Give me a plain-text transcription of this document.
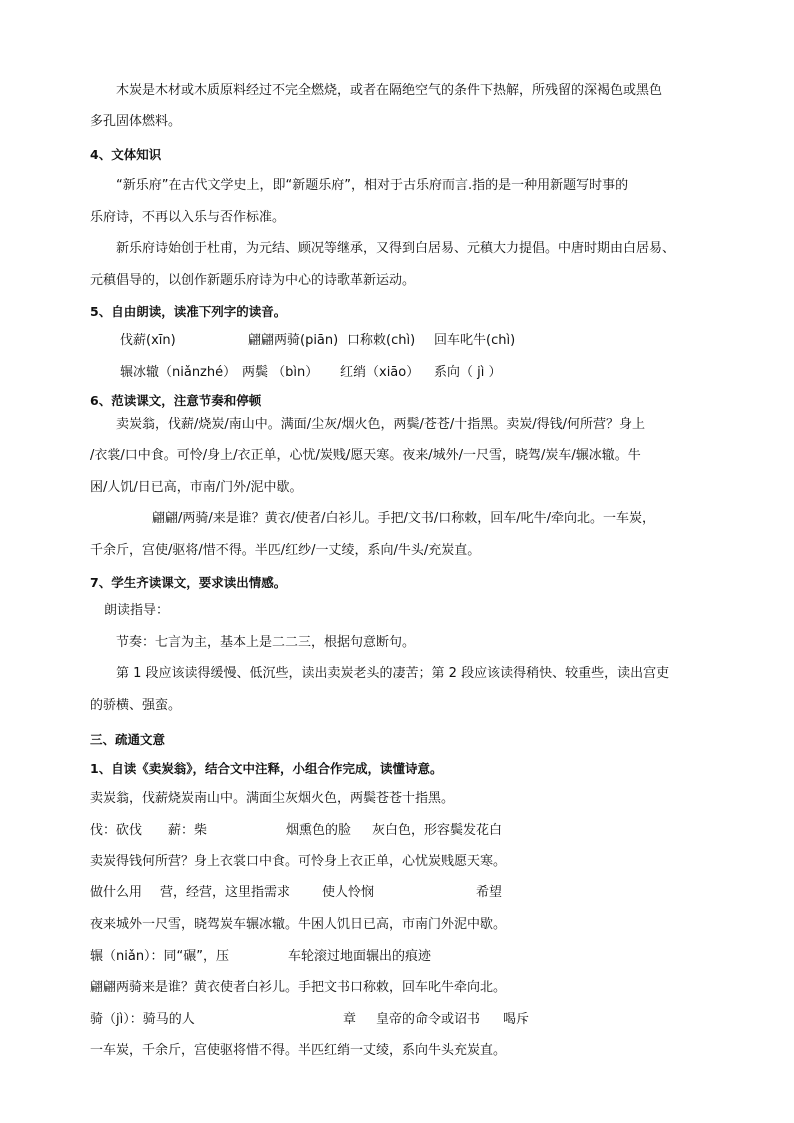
木炭是木材或木质原料经过不完全燃烧，或者在隔绝空气的条件下热解，所残留的深褐色或黑色

多孔固体燃料。

4、文体知识

“新乐府”在古代文学史上，即“新题乐府”，相对于古乐府而言.指的是一种用新题写时事的

乐府诗，不再以入乐与否作标准。

新乐府诗始创于杜甫，为元结、顾况等继承，又得到白居易、元稹大力提倡。中唐时期由白居易、

元稹倡导的，以创作新题乐府诗为中心的诗歌革新运动。

5、自由朗读，读准下列字的读音。

伐薪(xīn)	翩翩两骑(piān) 口称敕(chì) 回车叱牛(chì)

辗冰辙（niǎnzhé） 两鬓 （bìn） 红绡（xiāo） 系向（ jì ）

6、范读课文，注意节奏和停顿

卖炭翁，伐薪/烧炭/南山中。满面/尘灰/烟火色，两鬓/苍苍/十指黑。卖炭/得钱/何所营？身上

/衣裳/口中食。可怜/身上/衣正单，心忧/炭贱/愿天寒。夜来/城外/一尺雪，晓驾/炭车/辗冰辙。牛

困/人饥/日已高，市南/门外/泥中歇。

翩翩/两骑/来是谁？黄衣/使者/白衫儿。手把/文书/口称敕，回车/叱牛/牵向北。一车炭，

千余斤，宫使/驱将/惜不得。半匹/红纱/一丈绫，系向/牛头/充炭直。

7、学生齐读课文，要求读出情感。

朗读指导：

节奏：七言为主，基本上是二二三，根据句意断句。

第 1 段应该读得缓慢、低沉些，读出卖炭老头的凄苦；第 2 段应该读得稍快、较重些，读出宫吏

的骄横、强蛮。

三、疏通文意

1、自读《卖炭翁》，结合文中注释，小组合作完成，读懂诗意。

卖炭翁，伐薪烧炭南山中。满面尘灰烟火色，两鬓苍苍十指黑。

伐：砍伐 薪：柴	烟熏色的脸 灰白色，形容鬓发花白

卖炭得钱何所营？身上衣裳口中食。可怜身上衣正单，心忧炭贱愿天寒。

做什么用 营，经营，这里指需求 使人怜悯	希望

夜来城外一尺雪，晓驾炭车辗冰辙。牛困人饥日已高，市南门外泥中歇。

辗（niǎn）：同“碾”，压	车轮滚过地面辗出的痕迹

翩翩两骑来是谁？黄衣使者白衫儿。手把文书口称敕，回车叱牛牵向北。

骑（jì）：骑马的人	章 皇帝的命令或诏书 喝斥

一车炭，千余斤，宫使驱将惜不得。半匹红绡一丈绫，系向牛头充炭直。
